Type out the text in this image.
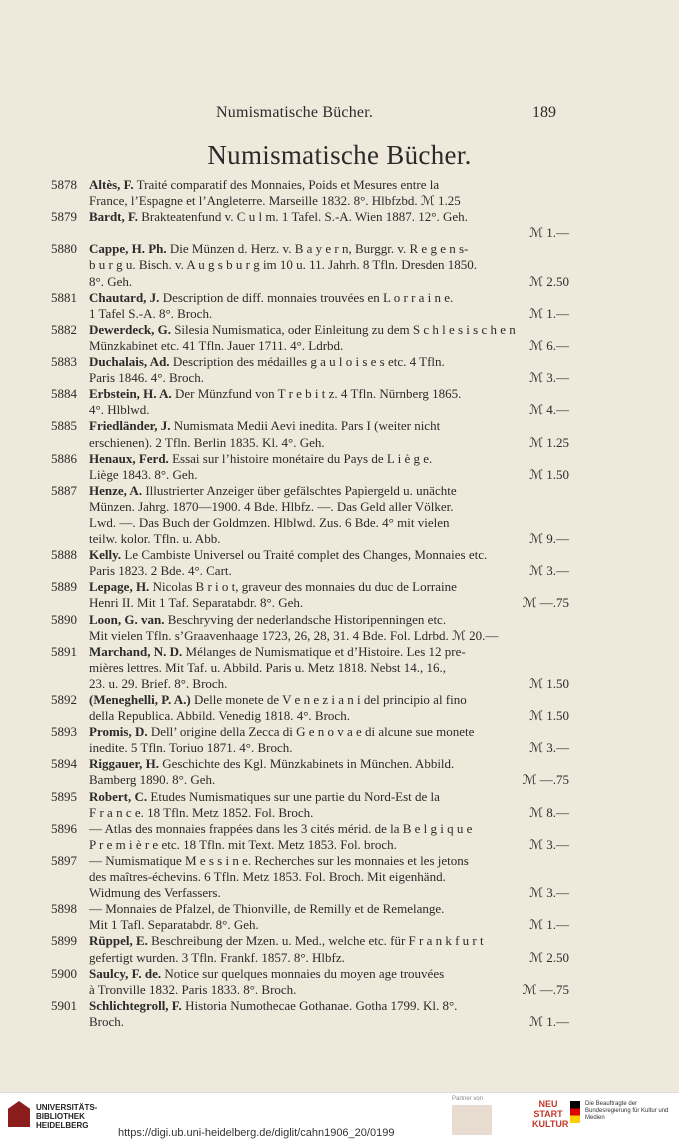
Numismatische Bücher.	189
Numismatische Bücher.
5878 Altès, F. Traité comparatif des Monnaies, Poids et Mesures entre la
France, l’Espagne et l’Angleterre. Marseille 1832. 8°. Hlbfzbd. ℳ 1.25
5879 Bardt, F. Brakteatenfund v. C u l m. 1 Tafel. S.-A. Wien 1887. 12°. Geh.
ℳ 1.—
5880 Cappe, H. Ph. Die Münzen d. Herz. v. B a y e r n, Burggr. v. R e g e n s-
b u r g u. Bisch. v. A u g s b u r g im 10 u. 11. Jahrh. 8 Tfln. Dresden 1850.
8°. Geh.	ℳ 2.50
5881 Chautard, J. Description de diff. monnaies trouvées en L o r r a i n e.
1 Tafel S.-A. 8°. Broch.	ℳ 1.—
5882 Dewerdeck, G. Silesia Numismatica, oder Einleitung zu dem S c h l e s i s c h e n
Münzkabinet etc. 41 Tfln. Jauer 1711. 4°. Ldrbd.	ℳ 6.—
5883 Duchalais, Ad. Description des médailles g a u l o i s e s etc. 4 Tfln.
Paris 1846. 4°. Broch.	ℳ 3.—
5884 Erbstein, H. A. Der Münzfund von T r e b i t z. 4 Tfln. Nürnberg 1865.
4°. Hlblwd.	ℳ 4.—
5885 Friedländer, J. Numismata Medii Aevi inedita. Pars I (weiter nicht
erschienen). 2 Tfln. Berlin 1835. Kl. 4°. Geh.	ℳ 1.25
5886 Henaux, Ferd. Essai sur l’histoire monétaire du Pays de L i è g e.
Liège 1843. 8°. Geh.	ℳ 1.50
5887 Henze, A. Illustrierter Anzeiger über gefälschtes Papiergeld u. unächte
Münzen. Jahrg. 1870—1900. 4 Bde. Hlbfz. —. Das Geld aller Völker.
Lwd. —. Das Buch der Goldmzen. Hlblwd. Zus. 6 Bde. 4° mit vielen
teilw. kolor. Tfln. u. Abb.	ℳ 9.—
5888 Kelly. Le Cambiste Universel ou Traité complet des Changes, Monnaies etc.
Paris 1823. 2 Bde. 4°. Cart.	ℳ 3.—
5889 Lepage, H. Nicolas B r i o t, graveur des monnaies du duc de Lorraine
Henri II. Mit 1 Taf. Separatabdr. 8°. Geh.	ℳ —.75
5890 Loon, G. van. Beschryving der nederlandsche Historipenningen etc.
Mit vielen Tfln. s’Graavenhaage 1723, 26, 28, 31. 4 Bde. Fol. Ldrbd. ℳ 20.—
5891 Marchand, N. D. Mélanges de Numismatique et d’Histoire. Les 12 pre-
mières lettres. Mit Taf. u. Abbild. Paris u. Metz 1818. Nebst 14., 16.,
23. u. 29. Brief. 8°. Broch.	ℳ 1.50
5892 (Meneghelli, P. A.) Delle monete de V e n e z i a n i del principio al fino
della Republica. Abbild. Venedig 1818. 4°. Broch.	ℳ 1.50
5893 Promis, D. Dell’ origine della Zecca di G e n o v a e di alcune sue monete
inedite. 5 Tfln. Toriuo 1871. 4°. Broch.	ℳ 3.—
5894 Riggauer, H. Geschichte des Kgl. Münzkabinets in München. Abbild.
Bamberg 1890. 8°. Geh.	ℳ —.75
5895 Robert, C. Etudes Numismatiques sur une partie du Nord-Est de la
F r a n c e. 18 Tfln. Metz 1852. Fol. Broch.	ℳ 8.—
5896 — Atlas des monnaies frappées dans les 3 cités mérid. de la B e l g i q u e
P r e m i è r e etc. 18 Tfln. mit Text. Metz 1853. Fol. broch.	ℳ 3.—
5897 — Numismatique M e s s i n e. Recherches sur les monnaies et les jetons
des maîtres-échevins. 6 Tfln. Metz 1853. Fol. Broch. Mit eigenhänd.
Widmung des Verfassers.	ℳ 3.—
5898 — Monnaies de Pfalzel, de Thionville, de Remilly et de Remelange.
Mit 1 Tafl. Separatabdr. 8°. Geh.	ℳ 1.—
5899 Rüppel, E. Beschreibung der Mzen. u. Med., welche etc. für F r a n k f u r t
gefertigt wurden. 3 Tfln. Frankf. 1857. 8°. Hlbfz.	ℳ 2.50
5900 Saulcy, F. de. Notice sur quelques monnaies du moyen age trouvées
à Tronville 1832. Paris 1833. 8°. Broch.	ℳ —.75
5901 Schlichtegroll, F. Historia Numothecae Gothanae. Gotha 1799. Kl. 8°.
Broch.	ℳ 1.—
UNIVERSITÄTS-
BIBLIOTHEK
HEIDELBERG
https://digi.ub.uni-heidelberg.de/diglit/cahn1906_20/0199
Partner von	NEU
START
KULTUR
Die Beauftragte der Bundesregierung für Kultur und Medien
